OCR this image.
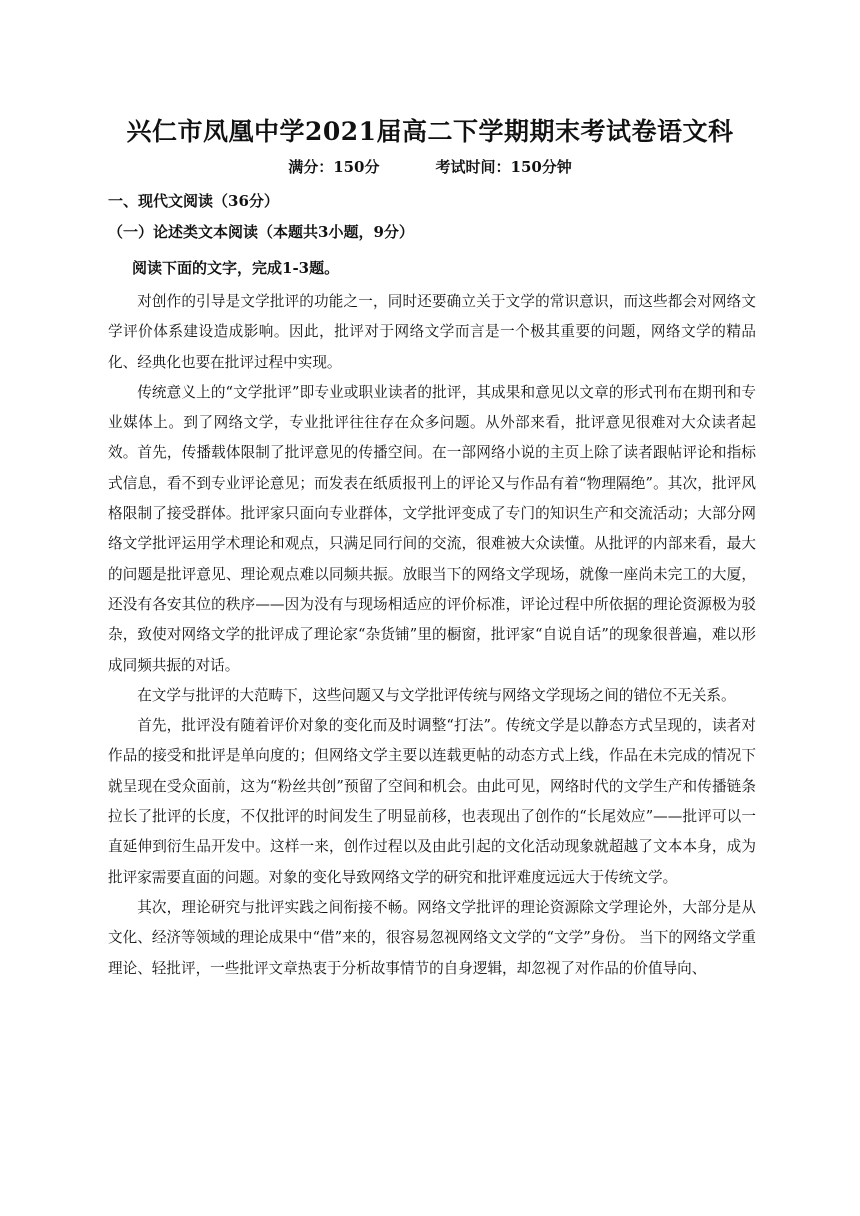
兴仁市凤凰中学2021届高二下学期期末考试卷语文科
满分：150分	考试时间：150分钟
一、现代文阅读（36分）
（一）论述类文本阅读（本题共3小题，9分）
阅读下面的文字，完成1-3题。

对创作的引导是文学批评的功能之一，同时还要确立关于文学的常识意识，而这些都会对网络文学评价体系建设造成影响。因此，批评对于网络文学而言是一个极其重要的问题，网络文学的精品化、经典化也要在批评过程中实现。

传统意义上的“文学批评”即专业或职业读者的批评，其成果和意见以文章的形式刊布在期刊和专业媒体上。到了网络文学，专业批评往往存在众多问题。从外部来看，批评意见很难对大众读者起效。首先，传播载体限制了批评意见的传播空间。在一部网络小说的主页上除了读者跟帖评论和指标式信息，看不到专业评论意见；而发表在纸质报刊上的评论又与作品有着“物理隔绝”。其次，批评风格限制了接受群体。批评家只面向专业群体，文学批评变成了专门的知识生产和交流活动；大部分网络文学批评运用学术理论和观点，只满足同行间的交流，很难被大众读懂。从批评的内部来看，最大的问题是批评意见、理论观点难以同频共振。放眼当下的网络文学现场，就像一座尚未完工的大厦，还没有各安其位的秩序——因为没有与现场相适应的评价标准，评论过程中所依据的理论资源极为驳杂，致使对网络文学的批评成了理论家“杂货铺”里的橱窗，批评家“自说自话”的现象很普遍，难以形成同频共振的对话。

在文学与批评的大范畴下，这些问题又与文学批评传统与网络文学现场之间的错位不无关系。

首先，批评没有随着评价对象的变化而及时调整“打法”。传统文学是以静态方式呈现的，读者对作品的接受和批评是单向度的；但网络文学主要以连载更帖的动态方式上线，作品在未完成的情况下就呈现在受众面前，这为“粉丝共创”预留了空间和机会。由此可见，网络时代的文学生产和传播链条拉长了批评的长度，不仅批评的时间发生了明显前移，也表现出了创作的“长尾效应”——批评可以一直延伸到衍生品开发中。这样一来，创作过程以及由此引起的文化活动现象就超越了文本本身，成为批评家需要直面的问题。对象的变化导致网络文学的研究和批评难度远远大于传统文学。

其次，理论研究与批评实践之间衔接不畅。网络文学批评的理论资源除文学理论外，大部分是从文化、经济等领域的理论成果中“借”来的，很容易忽视网络文文学的“文学”身份。 当下的网络文学重理论、轻批评，一些批评文章热衷于分析故事情节的自身逻辑，却忽视了对作品的价值导向、
